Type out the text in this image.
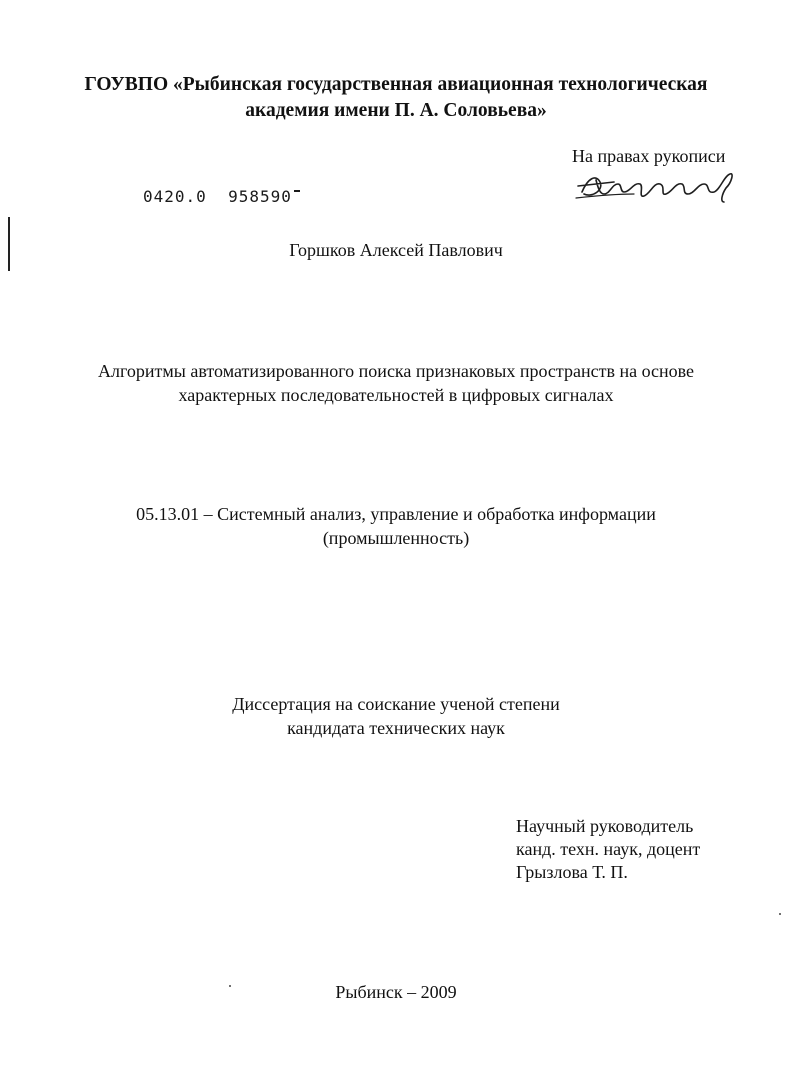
ГОУВПО «Рыбинская государственная авиационная технологическая
академия имени П. А. Соловьева»
На правах рукописи
0420.0 958590
Горшков Алексей Павлович
Алгоритмы автоматизированного поиска признаковых пространств на основе
характерных последовательностей в цифровых сигналах
05.13.01 – Системный анализ, управление и обработка информации
(промышленность)
Диссертация на соискание ученой степени
кандидата технических наук
Научный руководитель
канд. техн. наук, доцент
Грызлова Т. П.
Рыбинск – 2009
